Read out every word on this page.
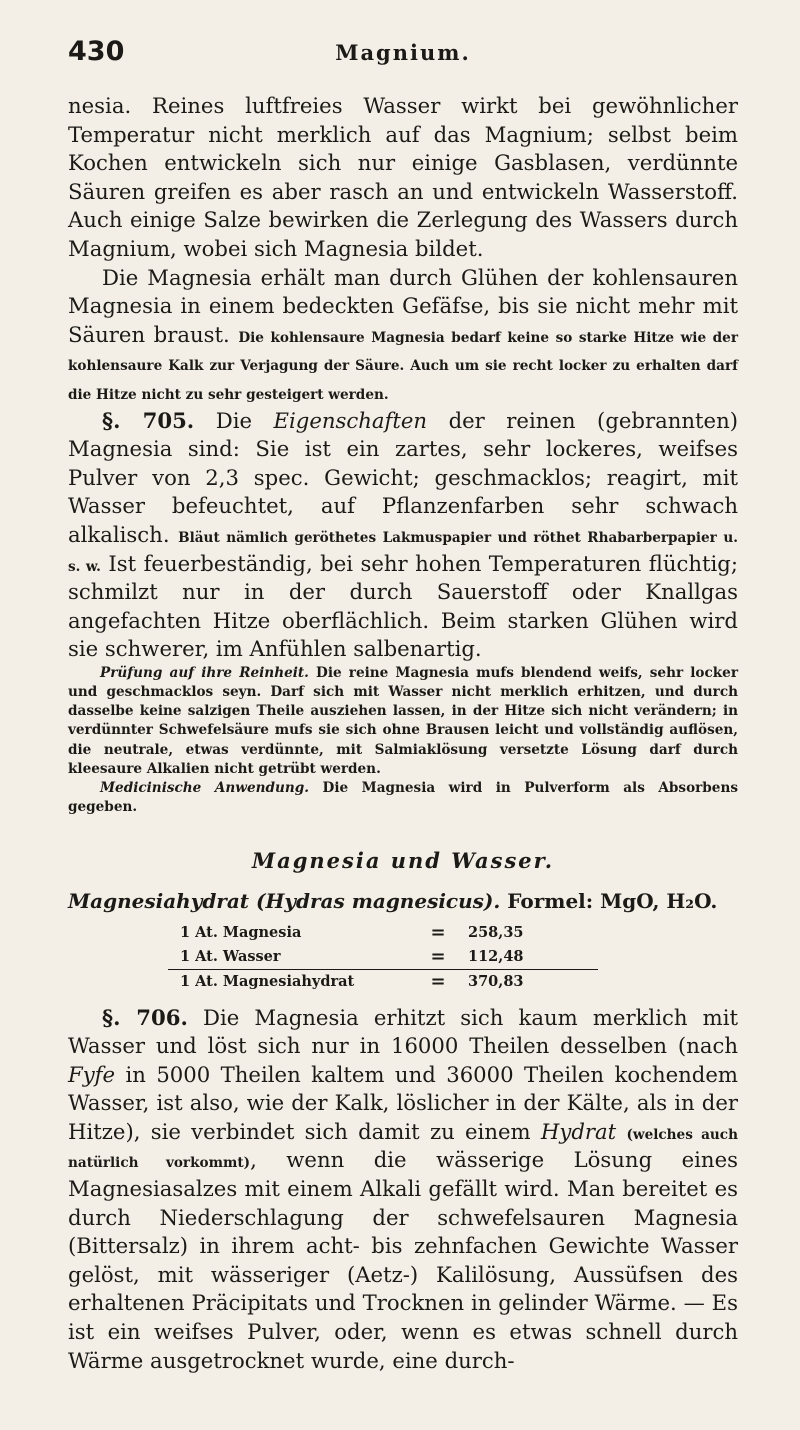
430	Magnium.

nesia. Reines luftfreies Wasser wirkt bei gewöhnlicher Temperatur nicht merklich auf das Magnium; selbst beim Kochen entwickeln sich nur einige Gasblasen, verdünnte Säuren greifen es aber rasch an und entwickeln Wasserstoff. Auch einige Salze bewirken die Zerlegung des Wassers durch Magnium, wobei sich Magnesia bildet.

Die Magnesia erhält man durch Glühen der kohlensauren Magnesia in einem bedeckten Gefäfse, bis sie nicht mehr mit Säuren braust. Die kohlensaure Magnesia bedarf keine so starke Hitze wie der kohlensaure Kalk zur Verjagung der Säure. Auch um sie recht locker zu erhalten darf die Hitze nicht zu sehr gesteigert werden.

§. 705. Die Eigenschaften der reinen (gebrannten) Magnesia sind: Sie ist ein zartes, sehr lockeres, weifses Pulver von 2,3 spec. Gewicht; geschmacklos; reagirt, mit Wasser befeuchtet, auf Pflanzenfarben sehr schwach alkalisch. Bläut nämlich geröthetes Lakmuspapier und röthet Rhabarberpapier u. s. w. Ist feuerbeständig, bei sehr hohen Temperaturen flüchtig; schmilzt nur in der durch Sauerstoff oder Knallgas angefachten Hitze oberflächlich. Beim starken Glühen wird sie schwerer, im Anfühlen salbenartig.

Prüfung auf ihre Reinheit. Die reine Magnesia mufs blendend weifs, sehr locker und geschmacklos seyn. Darf sich mit Wasser nicht merklich erhitzen, und durch dasselbe keine salzigen Theile ausziehen lassen, in der Hitze sich nicht verändern; in verdünnter Schwefelsäure mufs sie sich ohne Brausen leicht und vollständig auflösen, die neutrale, etwas verdünnte, mit Salmiaklösung versetzte Lösung darf durch kleesaure Alkalien nicht getrübt werden.

Medicinische Anwendung. Die Magnesia wird in Pulverform als Absorbens gegeben.

Magnesia und Wasser.

Magnesiahydrat (Hydras magnesicus). Formel: MgO, H₂O.

1 At. Magnesia	=	258,35
1 At. Wasser	=	112,48
1 At. Magnesiahydrat	=	370,83

§. 706. Die Magnesia erhitzt sich kaum merklich mit Wasser und löst sich nur in 16000 Theilen desselben (nach Fyfe in 5000 Theilen kaltem und 36000 Theilen kochendem Wasser, ist also, wie der Kalk, löslicher in der Kälte, als in der Hitze), sie verbindet sich damit zu einem Hydrat (welches auch natürlich vorkommt), wenn die wässerige Lösung eines Magnesiasalzes mit einem Alkali gefällt wird. Man bereitet es durch Niederschlagung der schwefelsauren Magnesia (Bittersalz) in ihrem acht- bis zehnfachen Gewichte Wasser gelöst, mit wässeriger (Aetz-) Kalilösung, Aussüfsen des erhaltenen Präcipitats und Trocknen in gelinder Wärme. — Es ist ein weifses Pulver, oder, wenn es etwas schnell durch Wärme ausgetrocknet wurde, eine durch-
